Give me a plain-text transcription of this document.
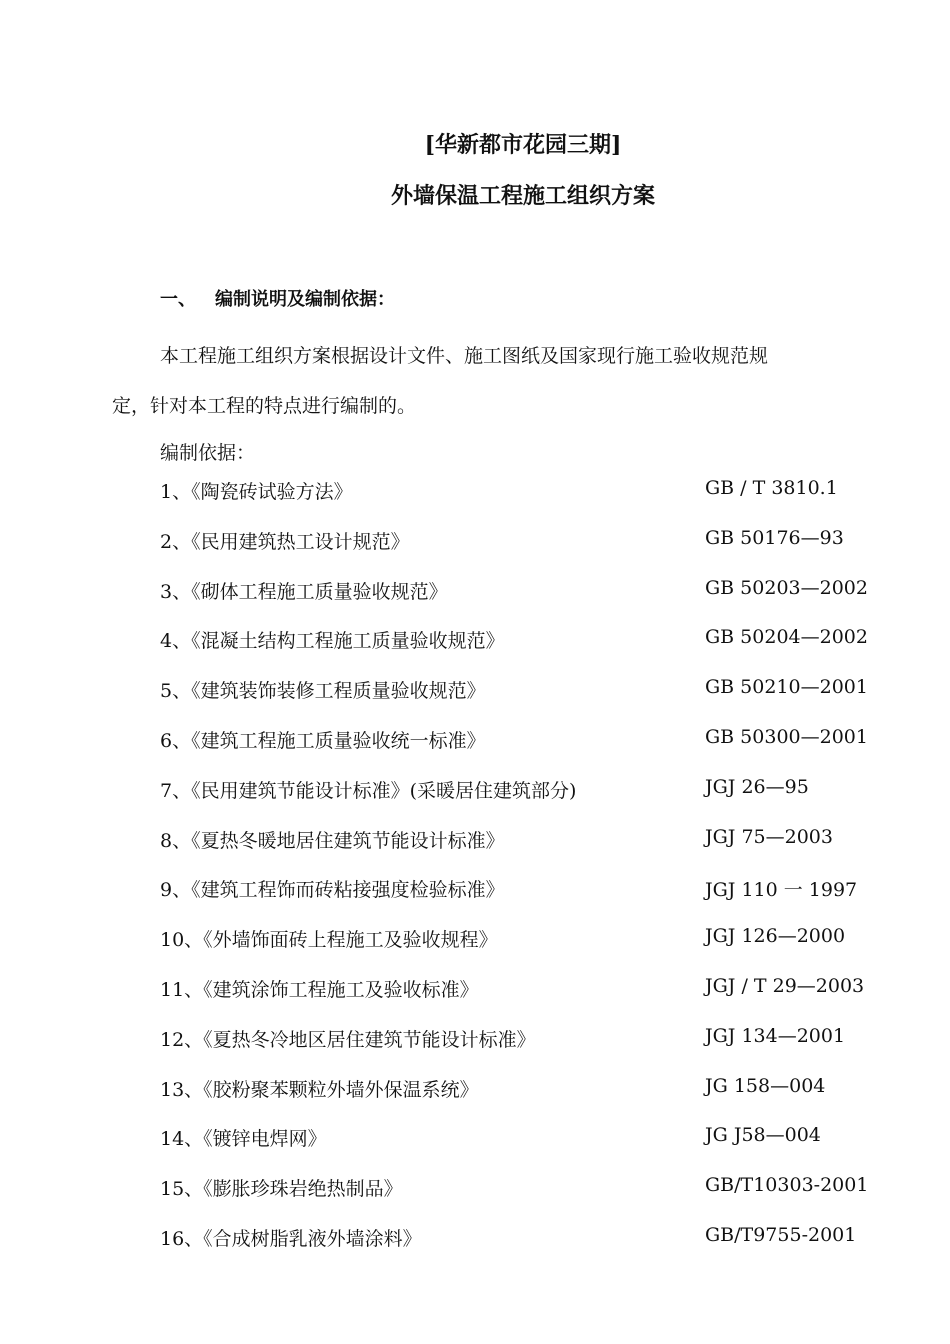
[华新都市花园三期]
外墙保温工程施工组织方案
一、 编制说明及编制依据：

本工程施工组织方案根据设计文件、施工图纸及国家现行施工验收规范规

定，针对本工程的特点进行编制的。

编制依据：
1、《陶瓷砖试验方法》	GB / T 3810.1
2、《民用建筑热工设计规范》	GB 50176—93
3、《砌体工程施工质量验收规范》	GB 50203—2002
4、《混凝土结构工程施工质量验收规范》	GB 50204—2002
5、《建筑装饰装修工程质量验收规范》	GB 50210—2001
6、《建筑工程施工质量验收统一标准》	GB 50300—2001
7、《民用建筑节能设计标准》(采暖居住建筑部分)	JGJ 26—95
8、《夏热冬暖地居住建筑节能设计标准》	JGJ 75—2003
9、《建筑工程饰而砖粘接强度检验标准》	JGJ 110 一 1997
10、《外墙饰面砖上程施工及验收规程》	JGJ 126—2000
11、《建筑涂饰工程施工及验收标准》	JGJ / T 29—2003
12、《夏热冬冷地区居住建筑节能设计标准》	JGJ 134—2001
13、《胶粉聚苯颗粒外墙外保温系统》	JG 158—004
14、《镀锌电焊网》	JG J58—004
15、《膨胀珍珠岩绝热制品》	GB/T10303-2001
16、《合成树脂乳液外墙涂料》	GB/T9755-2001
